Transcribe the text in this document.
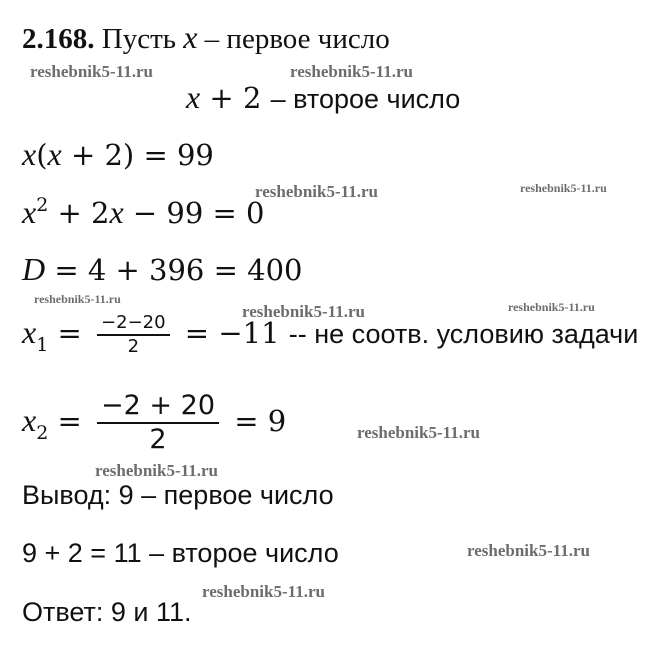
2.168. Пусть x – первое число
x + 2 – второе число
x(x + 2) = 99
$x^2 + 2x - 99 = 0$
D = 4 + 396 = 400
$x_1 = \frac{-2-20}{2} = -11$ -- не соотв. условию задачи
$x_2 = \frac{-2 + 20}{2} = 9$
Вывод: 9 – первое число
9 + 2 = 11 – второе число
Ответ: 9 и 11.
reshebnik5-11.ru	reshebnik5-11.ru
reshebnik5-11.ru	reshebnik5-11.ru
reshebnik5-11.ru
reshebnik5-11.ru	reshebnik5-11.ru
reshebnik5-11.ru
reshebnik5-11.ru
reshebnik5-11.ru
reshebnik5-11.ru
